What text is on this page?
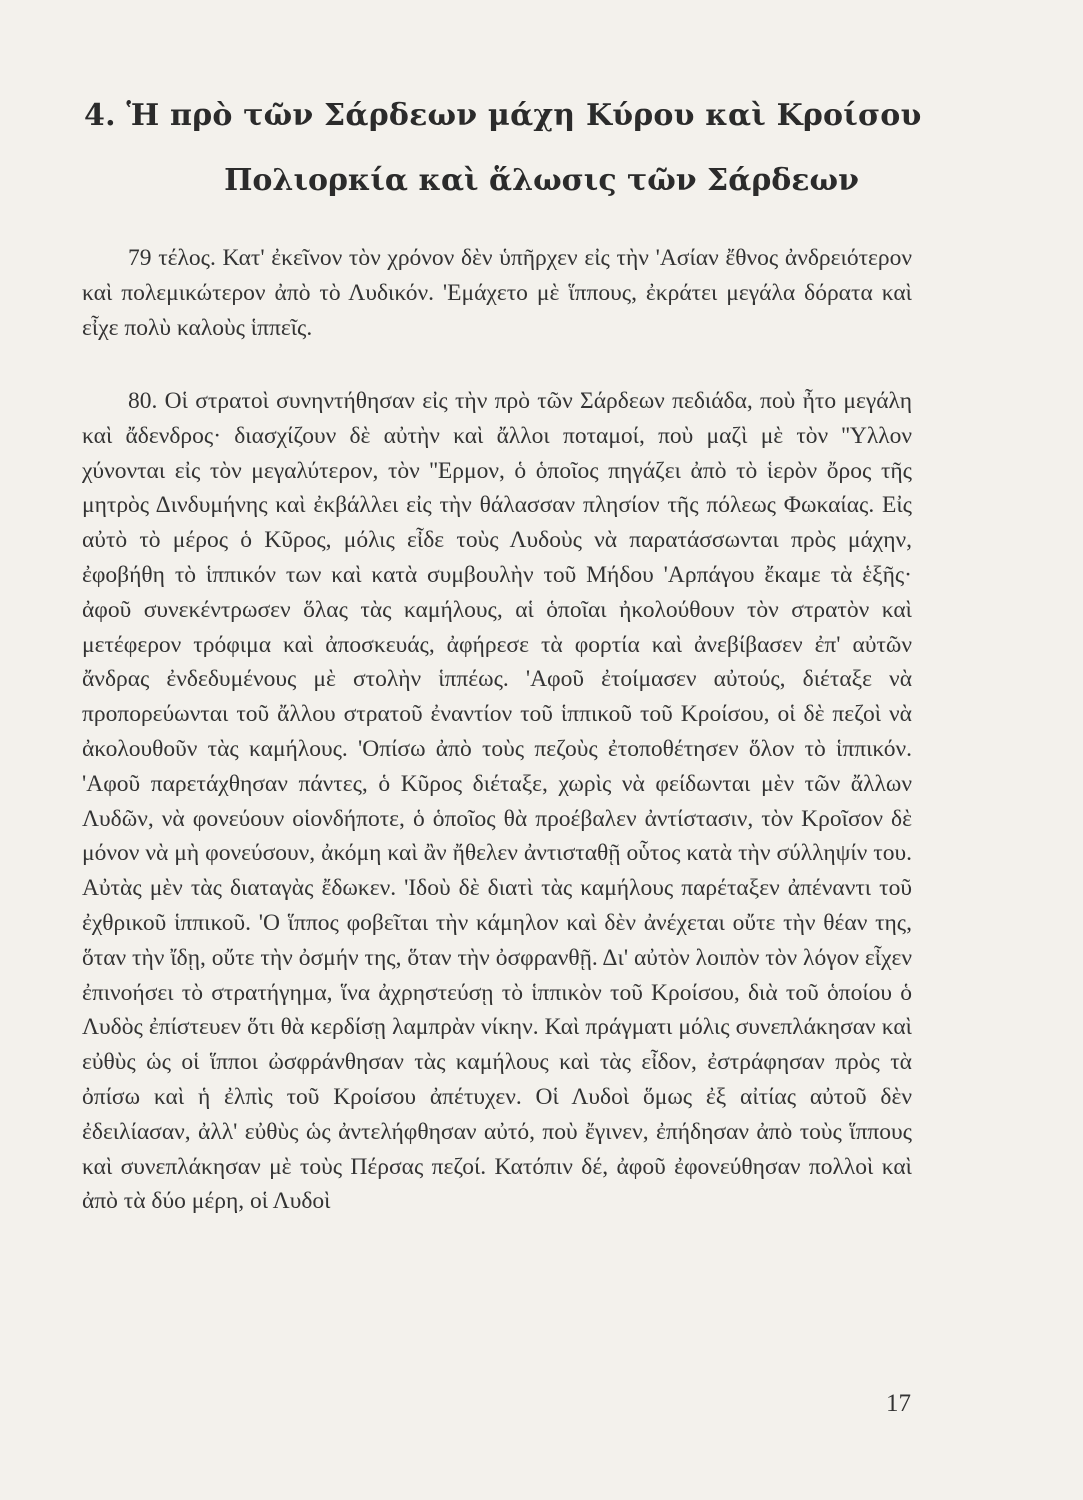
4. Ἡ πρὸ τῶν Σάρδεων μάχη Κύρου καὶ Κροίσου
Πολιορκία καὶ ἅλωσις τῶν Σάρδεων

79 τέλος. Κατ' ἐκεῖνον τὸν χρόνον δὲν ὑπῆρχεν εἰς τὴν 'Ασίαν ἔθνος ἀνδρειότερον καὶ πολεμικώτερον ἀπὸ τὸ Λυδικόν. 'Εμάχετο μὲ ἵππους, ἐκράτει μεγάλα δόρατα καὶ εἶχε πολὺ καλοὺς ἱππεῖς.

80. Οἱ στρατοὶ συνηντήθησαν εἰς τὴν πρὸ τῶν Σάρδεων πεδιάδα, ποὺ ἦτο μεγάλη καὶ ἄδενδρος· διασχίζουν δὲ αὐτὴν καὶ ἄλλοι ποταμοί, ποὺ μαζὶ μὲ τὸν ''Υλλον χύνονται εἰς τὸν μεγαλύτερον, τὸν ''Ερμον, ὁ ὁποῖος πηγάζει ἀπὸ τὸ ἱερὸν ὄρος τῆς μητρὸς Δινδυμήνης καὶ ἐκβάλλει εἰς τὴν θάλασσαν πλησίον τῆς πόλεως Φωκαίας. Εἰς αὐτὸ τὸ μέρος ὁ Κῦρος, μόλις εἶδε τοὺς Λυδοὺς νὰ παρατάσσωνται πρὸς μάχην, ἐφοβήθη τὸ ἱππικόν των καὶ κατὰ συμβουλὴν τοῦ Μήδου 'Αρπάγου ἔκαμε τὰ ἑξῆς· ἀφοῦ συνεκέντρωσεν ὅλας τὰς καμήλους, αἱ ὁποῖαι ἠκολούθουν τὸν στρατὸν καὶ μετέφερον τρόφιμα καὶ ἀποσκευάς, ἀφήρεσε τὰ φορτία καὶ ἀνεβίβασεν ἐπ' αὐτῶν ἄνδρας ἐνδεδυμένους μὲ στολὴν ἱππέως. 'Αφοῦ ἐτοίμασεν αὐτούς, διέταξε νὰ προπορεύωνται τοῦ ἄλλου στρατοῦ ἐναντίον τοῦ ἱππικοῦ τοῦ Κροίσου, οἱ δὲ πεζοὶ νὰ ἀκολουθοῦν τὰς καμήλους. 'Οπίσω ἀπὸ τοὺς πεζοὺς ἐτοποθέτησεν ὅλον τὸ ἱππικόν. 'Αφοῦ παρετάχθησαν πάντες, ὁ Κῦρος διέταξε, χωρὶς νὰ φείδωνται μὲν τῶν ἄλλων Λυδῶν, νὰ φονεύουν οἱονδήποτε, ὁ ὁποῖος θὰ προέβαλεν ἀντίστασιν, τὸν Κροῖσον δὲ μόνον νὰ μὴ φονεύσουν, ἀκόμη καὶ ἂν ἤθελεν ἀντισταθῇ οὗτος κατὰ τὴν σύλληψίν του. Αὐτὰς μὲν τὰς διαταγὰς ἔδωκεν. 'Ιδοὺ δὲ διατὶ τὰς καμήλους παρέταξεν ἀπέναντι τοῦ ἐχθρικοῦ ἱππικοῦ. 'Ο ἵππος φοβεῖται τὴν κάμηλον καὶ δὲν ἀνέχεται οὔτε τὴν θέαν της, ὅταν τὴν ἴδῃ, οὔτε τὴν ὀσμήν της, ὅταν τὴν ὀσφρανθῇ. Δι' αὐτὸν λοιπὸν τὸν λόγον εἶχεν ἐπινοήσει τὸ στρατήγημα, ἵνα ἀχρηστεύσῃ τὸ ἱππικὸν τοῦ Κροίσου, διὰ τοῦ ὁποίου ὁ Λυδὸς ἐπίστευεν ὅτι θὰ κερδίσῃ λαμπρὰν νίκην. Καὶ πράγματι μόλις συνεπλάκησαν καὶ εὐθὺς ὡς οἱ ἵπποι ὠσφράνθησαν τὰς καμήλους καὶ τὰς εἶδον, ἐστράφησαν πρὸς τὰ ὀπίσω καὶ ἡ ἐλπὶς τοῦ Κροίσου ἀπέτυχεν. Οἱ Λυδοὶ ὅμως ἐξ αἰτίας αὐτοῦ δὲν ἐδειλίασαν, ἀλλ' εὐθὺς ὡς ἀντελήφθησαν αὐτό, ποὺ ἔγινεν, ἐπήδησαν ἀπὸ τοὺς ἵππους καὶ συνεπλάκησαν μὲ τοὺς Πέρσας πεζοί. Κατόπιν δέ, ἀφοῦ ἐφονεύθησαν πολλοὶ καὶ ἀπὸ τὰ δύο μέρη, οἱ Λυδοὶ

17
